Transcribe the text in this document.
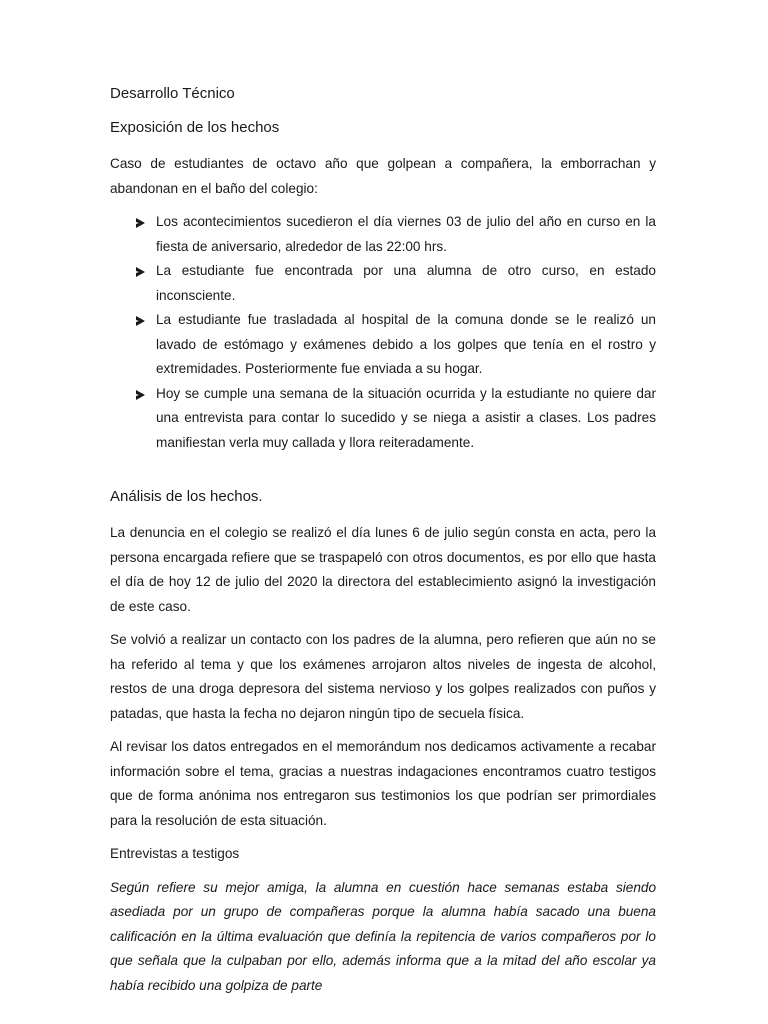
Desarrollo Técnico
Exposición de los hechos

Caso de estudiantes de octavo año que golpean a compañera, la emborrachan y abandonan en el baño del colegio:

Los acontecimientos sucedieron el día viernes 03 de julio del año en curso en la fiesta de aniversario, alrededor de las 22:00 hrs.
La estudiante fue encontrada por una alumna de otro curso, en estado inconsciente.
La estudiante fue trasladada al hospital de la comuna donde se le realizó un lavado de estómago y exámenes debido a los golpes que tenía en el rostro y extremidades. Posteriormente fue enviada a su hogar.
Hoy se cumple una semana de la situación ocurrida y la estudiante no quiere dar una entrevista para contar lo sucedido y se niega a asistir a clases. Los padres manifiestan verla muy callada y llora reiteradamente.
Análisis de los hechos.

La denuncia en el colegio se realizó el día lunes 6 de julio según consta en acta, pero la persona encargada refiere que se traspapeló con otros documentos, es por ello que hasta el día de hoy 12 de julio del 2020 la directora del establecimiento asignó la investigación de este caso.

Se volvió a realizar un contacto con los padres de la alumna, pero refieren que aún no se ha referido al tema y que los exámenes arrojaron altos niveles de ingesta de alcohol, restos de una droga depresora del sistema nervioso y los golpes realizados con puños y patadas, que hasta la fecha no dejaron ningún tipo de secuela física.

Al revisar los datos entregados en el memorándum nos dedicamos activamente a recabar información sobre el tema, gracias a nuestras indagaciones encontramos cuatro testigos que de forma anónima nos entregaron sus testimonios los que podrían ser primordiales para la resolución de esta situación.

Entrevistas a testigos

Según refiere su mejor amiga, la alumna en cuestión hace semanas estaba siendo asediada por un grupo de compañeras porque la alumna había sacado una buena calificación en la última evaluación que definía la repitencia de varios compañeros por lo que señala que la culpaban por ello, además informa que a la mitad del año escolar ya había recibido una golpiza de parte
